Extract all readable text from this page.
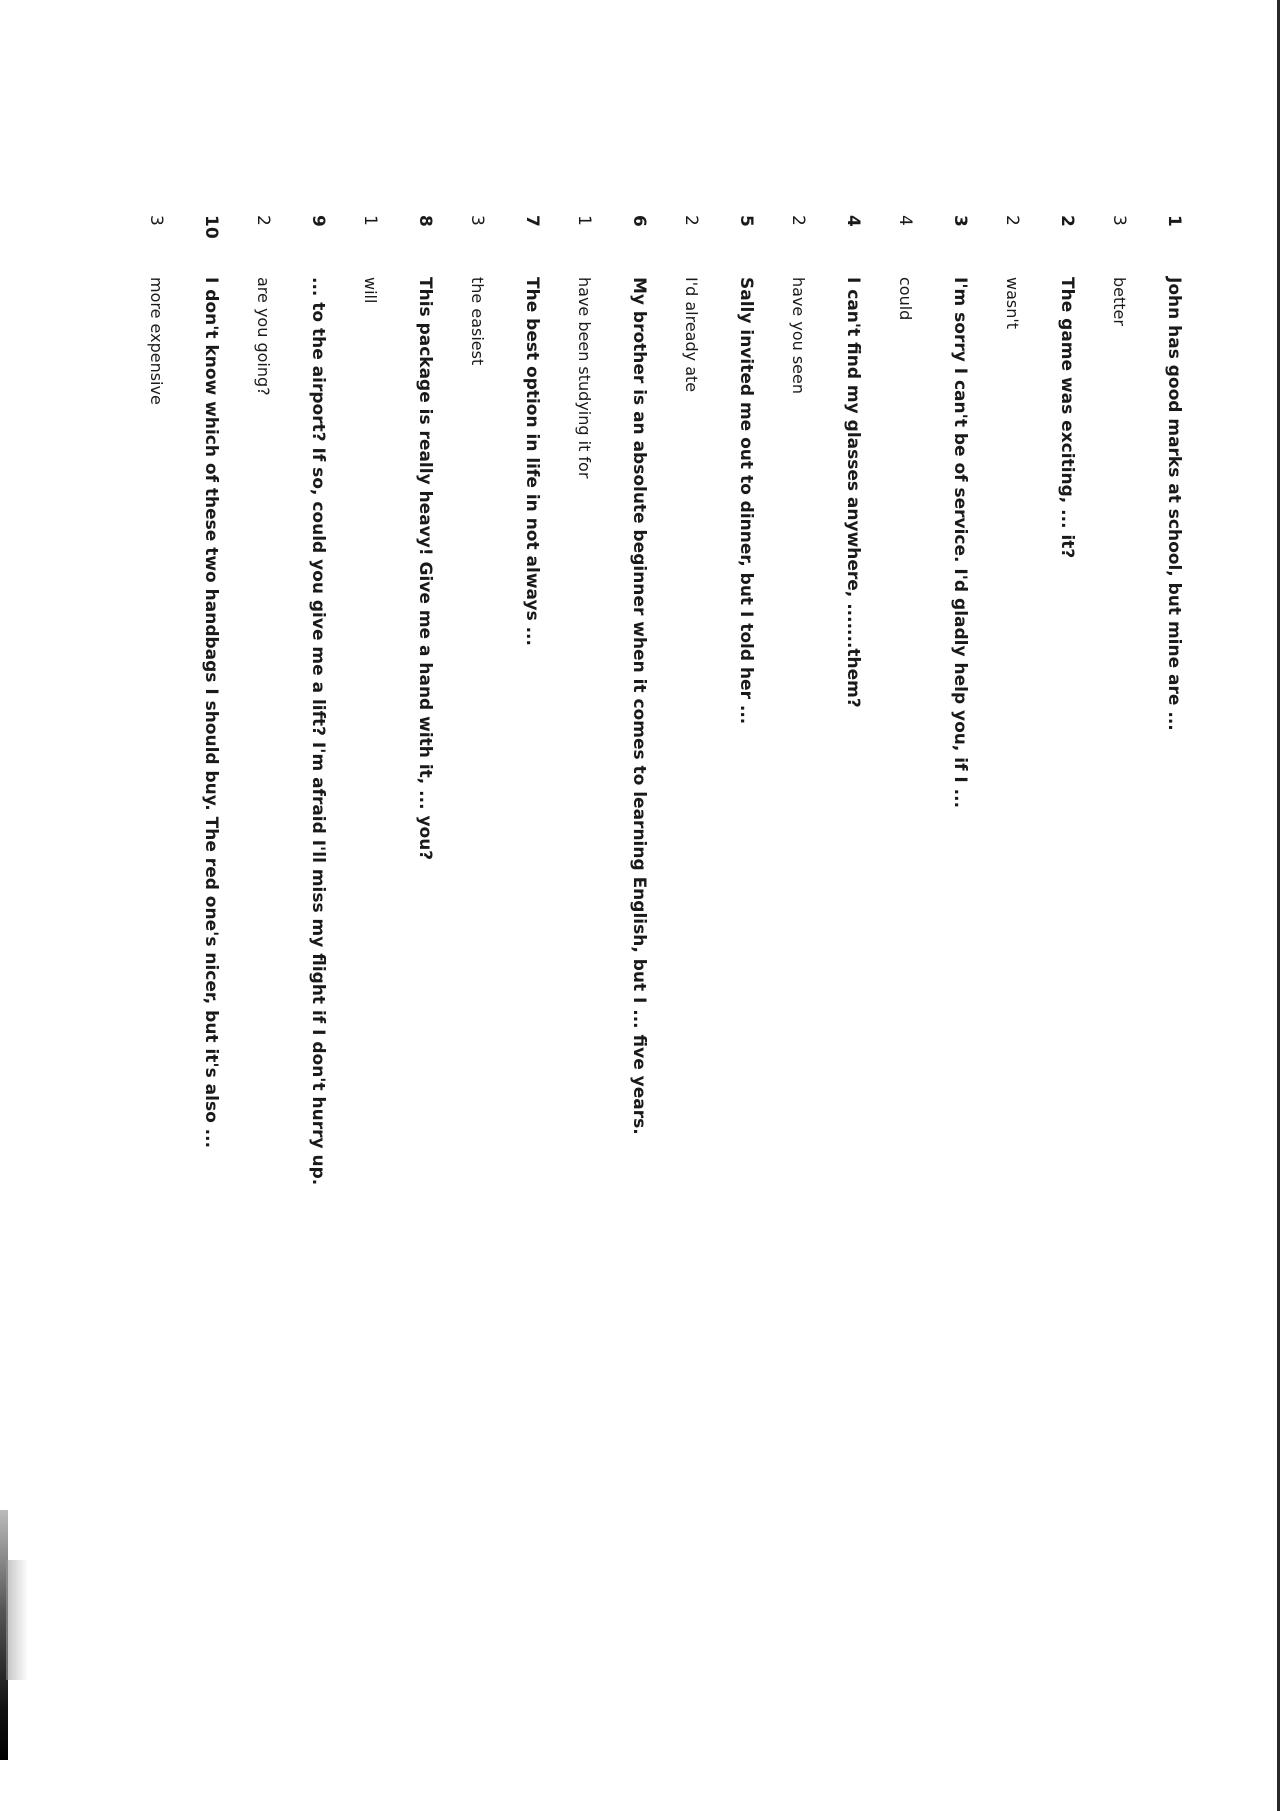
1
John has good marks at school, but mine are ...
3
better
2
The game was exciting, ... it?
2
wasn't
3
I'm sorry I can't be of service. I'd gladly help you, if I ...
4
could
4
I can't find my glasses anywhere, .......them?
2
have you seen
5
Sally invited me out to dinner, but I told her ...
2
I'd already ate
6
My brother is an absolute beginner when it comes to learning English, but I ... five years.
1
have been studying it for
7
The best option in life in not always ...
3
the easiest
8
This package is really heavy! Give me a hand with it, ... you?
1
will
9
... to the airport? If so, could you give me a lift? I'm afraid I'll miss my flight if I don't hurry up.
2
are you going?
10
I don't know which of these two handbags I should buy. The red one's nicer, but it's also ...
3
more expensive
